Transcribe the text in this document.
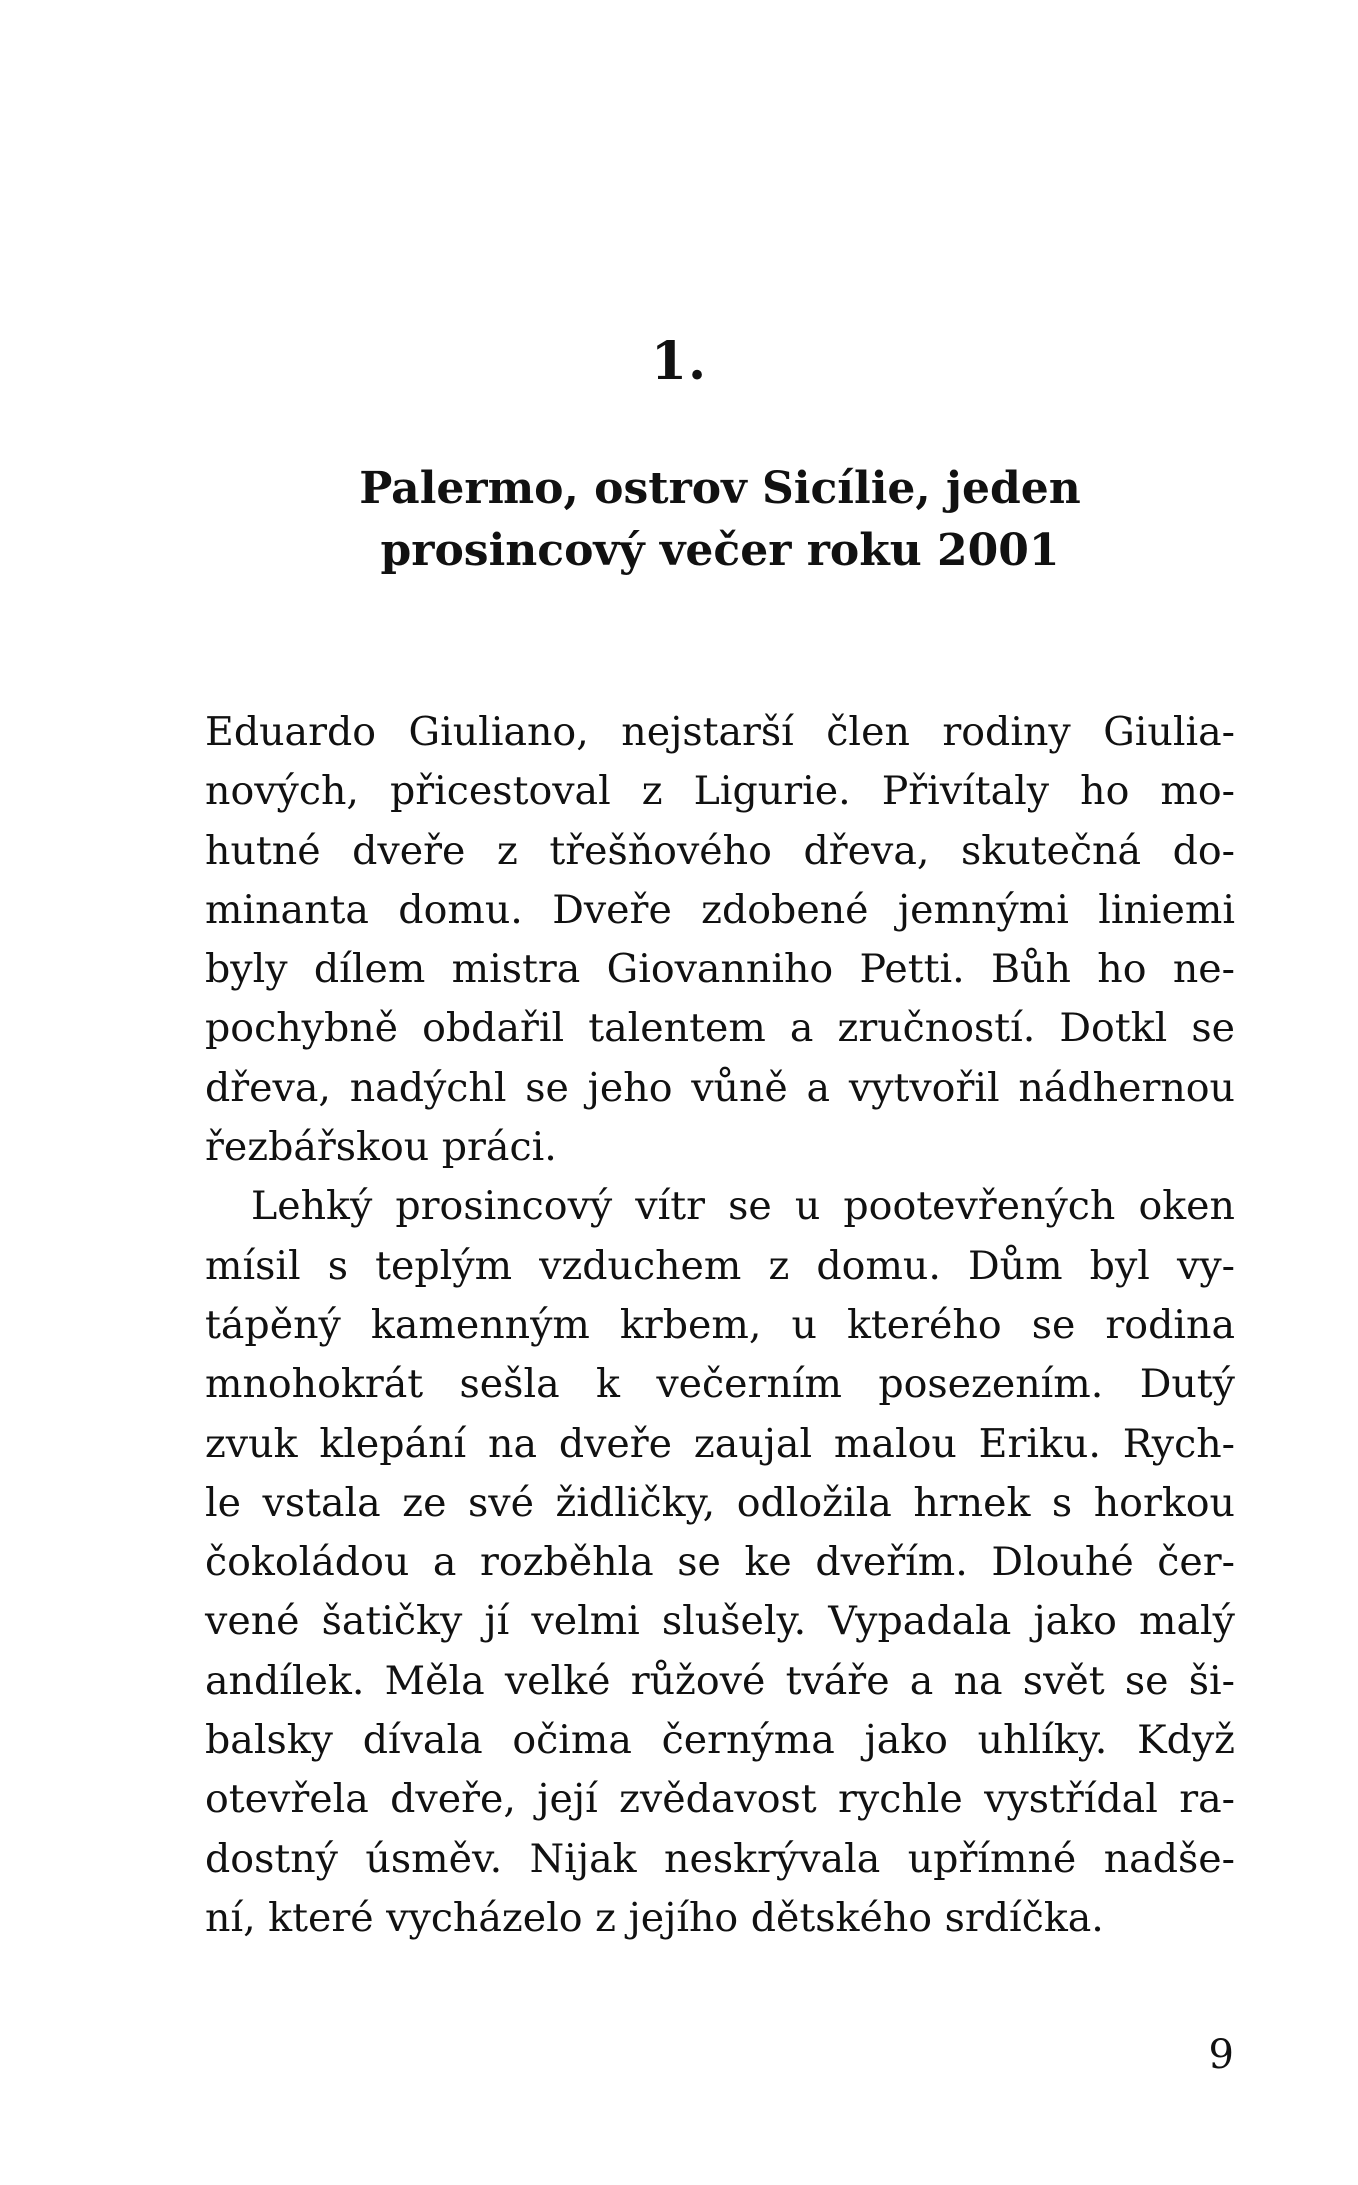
1.
Palermo, ostrov Sicílie, jeden
prosincový večer roku 2001
Eduardo Giuliano, nejstarší člen rodiny Giulia-
nových, přicestoval z Ligurie. Přivítaly ho mo-
hutné dveře z třešňového dřeva, skutečná do-
minanta domu. Dveře zdobené jemnými liniemi
byly dílem mistra Giovanniho Petti. Bůh ho ne-
pochybně obdařil talentem a zručností. Dotkl se
dřeva, nadýchl se jeho vůně a vytvořil nádhernou
řezbářskou práci.
Lehký prosincový vítr se u pootevřených oken
mísil s teplým vzduchem z domu. Dům byl vy-
tápěný kamenným krbem, u kterého se rodina
mnohokrát sešla k večerním posezením. Dutý
zvuk klepání na dveře zaujal malou Eriku. Rych-
le vstala ze své židličky, odložila hrnek s horkou
čokoládou a rozběhla se ke dveřím. Dlouhé čer-
vené šatičky jí velmi slušely. Vypadala jako malý
andílek. Měla velké růžové tváře a na svět se ši-
balsky dívala očima černýma jako uhlíky. Když
otevřela dveře, její zvědavost rychle vystřídal ra-
dostný úsměv. Nijak neskrývala upřímné nadše-
ní, které vycházelo z jejího dětského srdíčka.
9
